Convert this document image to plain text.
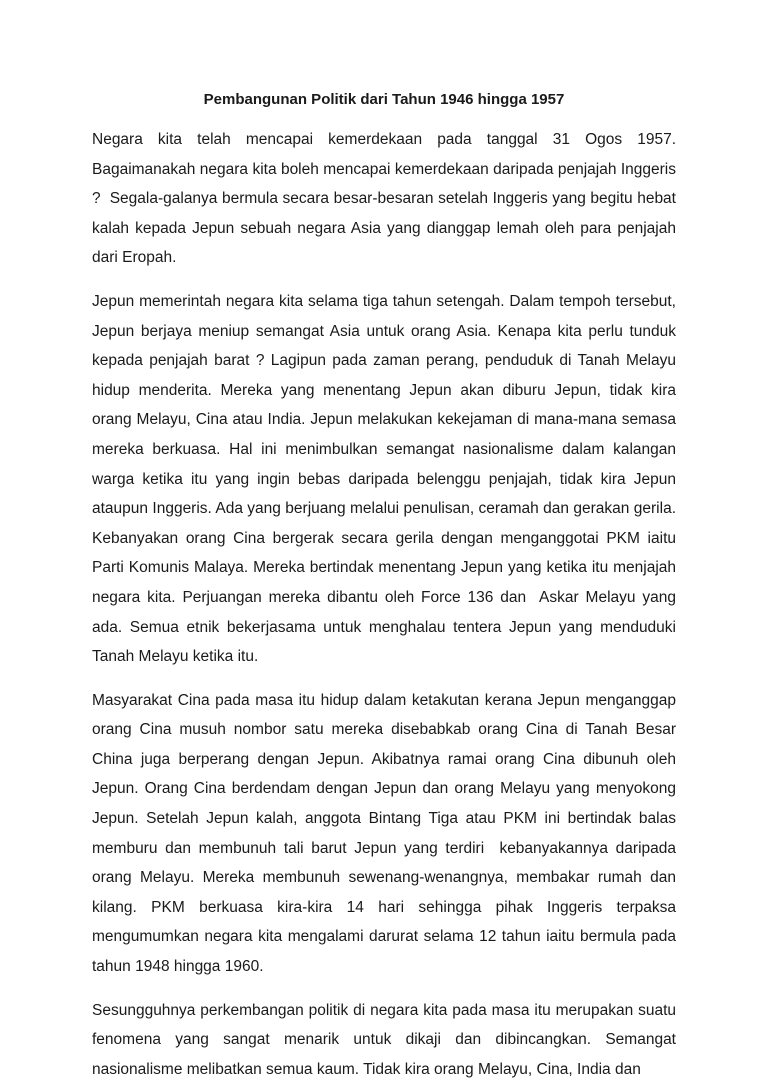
Pembangunan Politik dari Tahun 1946 hingga 1957

Negara kita telah mencapai kemerdekaan pada tanggal 31 Ogos 1957. Bagaimanakah negara kita boleh mencapai kemerdekaan daripada penjajah Inggeris ?  Segala-galanya bermula secara besar-besaran setelah Inggeris yang begitu hebat kalah kepada Jepun sebuah negara Asia yang dianggap lemah oleh para penjajah dari Eropah.

Jepun memerintah negara kita selama tiga tahun setengah. Dalam tempoh tersebut, Jepun berjaya meniup semangat Asia untuk orang Asia. Kenapa kita perlu tunduk kepada penjajah barat ? Lagipun pada zaman perang, penduduk di Tanah Melayu hidup menderita. Mereka yang menentang Jepun akan diburu Jepun, tidak kira orang Melayu, Cina atau India. Jepun melakukan kekejaman di mana-mana semasa mereka berkuasa. Hal ini menimbulkan semangat nasionalisme dalam kalangan warga ketika itu yang ingin bebas daripada belenggu penjajah, tidak kira Jepun ataupun Inggeris. Ada yang berjuang melalui penulisan, ceramah dan gerakan gerila. Kebanyakan orang Cina bergerak secara gerila dengan menganggotai PKM iaitu Parti Komunis Malaya. Mereka bertindak menentang Jepun yang ketika itu menjajah negara kita. Perjuangan mereka dibantu oleh Force 136 dan  Askar Melayu yang ada. Semua etnik bekerjasama untuk menghalau tentera Jepun yang menduduki Tanah Melayu ketika itu.

Masyarakat Cina pada masa itu hidup dalam ketakutan kerana Jepun menganggap orang Cina musuh nombor satu mereka disebabkab orang Cina di Tanah Besar China juga berperang dengan Jepun. Akibatnya ramai orang Cina dibunuh oleh Jepun. Orang Cina berdendam dengan Jepun dan orang Melayu yang menyokong Jepun. Setelah Jepun kalah, anggota Bintang Tiga atau PKM ini bertindak balas memburu dan membunuh tali barut Jepun yang terdiri  kebanyakannya daripada orang Melayu. Mereka membunuh sewenang-wenangnya, membakar rumah dan kilang. PKM berkuasa kira-kira 14 hari sehingga pihak Inggeris terpaksa mengumumkan negara kita mengalami darurat selama 12 tahun iaitu bermula pada tahun 1948 hingga 1960.

Sesungguhnya perkembangan politik di negara kita pada masa itu merupakan suatu fenomena yang sangat menarik untuk dikaji dan dibincangkan. Semangat nasionalisme melibatkan semua kaum. Tidak kira orang Melayu, Cina, India dan
